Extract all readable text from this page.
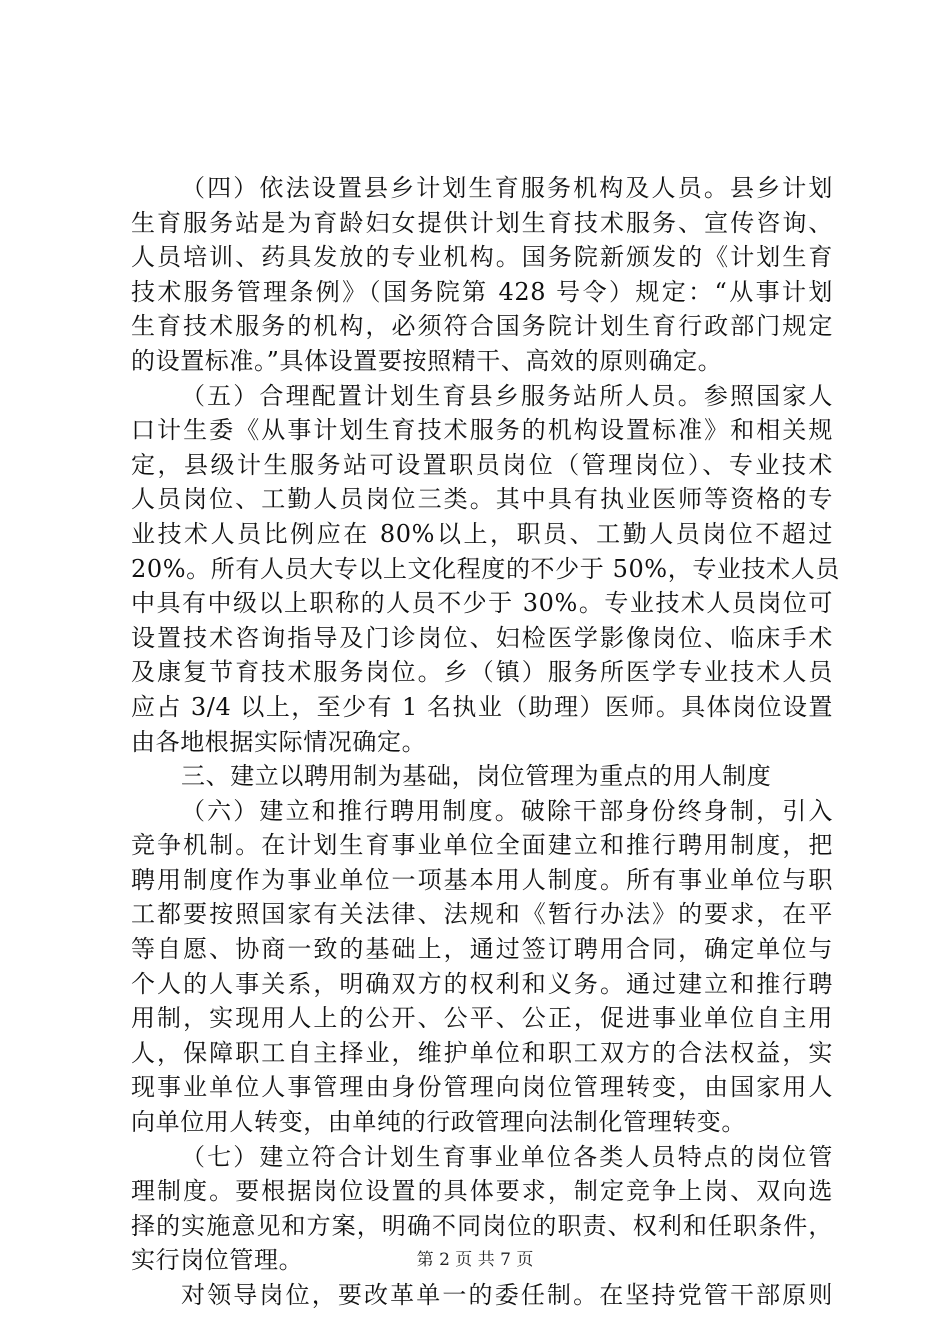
（四）依法设置县乡计划生育服务机构及人员。县乡计划
生育服务站是为育龄妇女提供计划生育技术服务、宣传咨询、
人员培训、药具发放的专业机构。国务院新颁发的《计划生育
技术服务管理条例》（国务院第 428 号令）规定：“从事计划
生育技术服务的机构，必须符合国务院计划生育行政部门规定
的设置标准。”具体设置要按照精干、高效的原则确定。
（五）合理配置计划生育县乡服务站所人员。参照国家人
口计生委《从事计划生育技术服务的机构设置标准》和相关规
定，县级计生服务站可设置职员岗位（管理岗位）、专业技术
人员岗位、工勤人员岗位三类。其中具有执业医师等资格的专
业技术人员比例应在 80%以上，职员、工勤人员岗位不超过
20%。所有人员大专以上文化程度的不少于 50%，专业技术人员
中具有中级以上职称的人员不少于 30%。专业技术人员岗位可
设置技术咨询指导及门诊岗位、妇检医学影像岗位、临床手术
及康复节育技术服务岗位。乡（镇）服务所医学专业技术人员
应占 3/4 以上，至少有 1 名执业（助理）医师。具体岗位设置
由各地根据实际情况确定。
三、建立以聘用制为基础，岗位管理为重点的用人制度
（六）建立和推行聘用制度。破除干部身份终身制，引入
竞争机制。在计划生育事业单位全面建立和推行聘用制度，把
聘用制度作为事业单位一项基本用人制度。所有事业单位与职
工都要按照国家有关法律、法规和《暂行办法》的要求，在平
等自愿、协商一致的基础上，通过签订聘用合同，确定单位与
个人的人事关系，明确双方的权利和义务。通过建立和推行聘
用制，实现用人上的公开、公平、公正，促进事业单位自主用
人，保障职工自主择业，维护单位和职工双方的合法权益，实
现事业单位人事管理由身份管理向岗位管理转变，由国家用人
向单位用人转变，由单纯的行政管理向法制化管理转变。
（七）建立符合计划生育事业单位各类人员特点的岗位管
理制度。要根据岗位设置的具体要求，制定竞争上岗、双向选
择的实施意见和方案，明确不同岗位的职责、权利和任职条件，
实行岗位管理。
对领导岗位，要改革单一的委任制。在坚持党管干部原则
第 2 页 共 7 页
